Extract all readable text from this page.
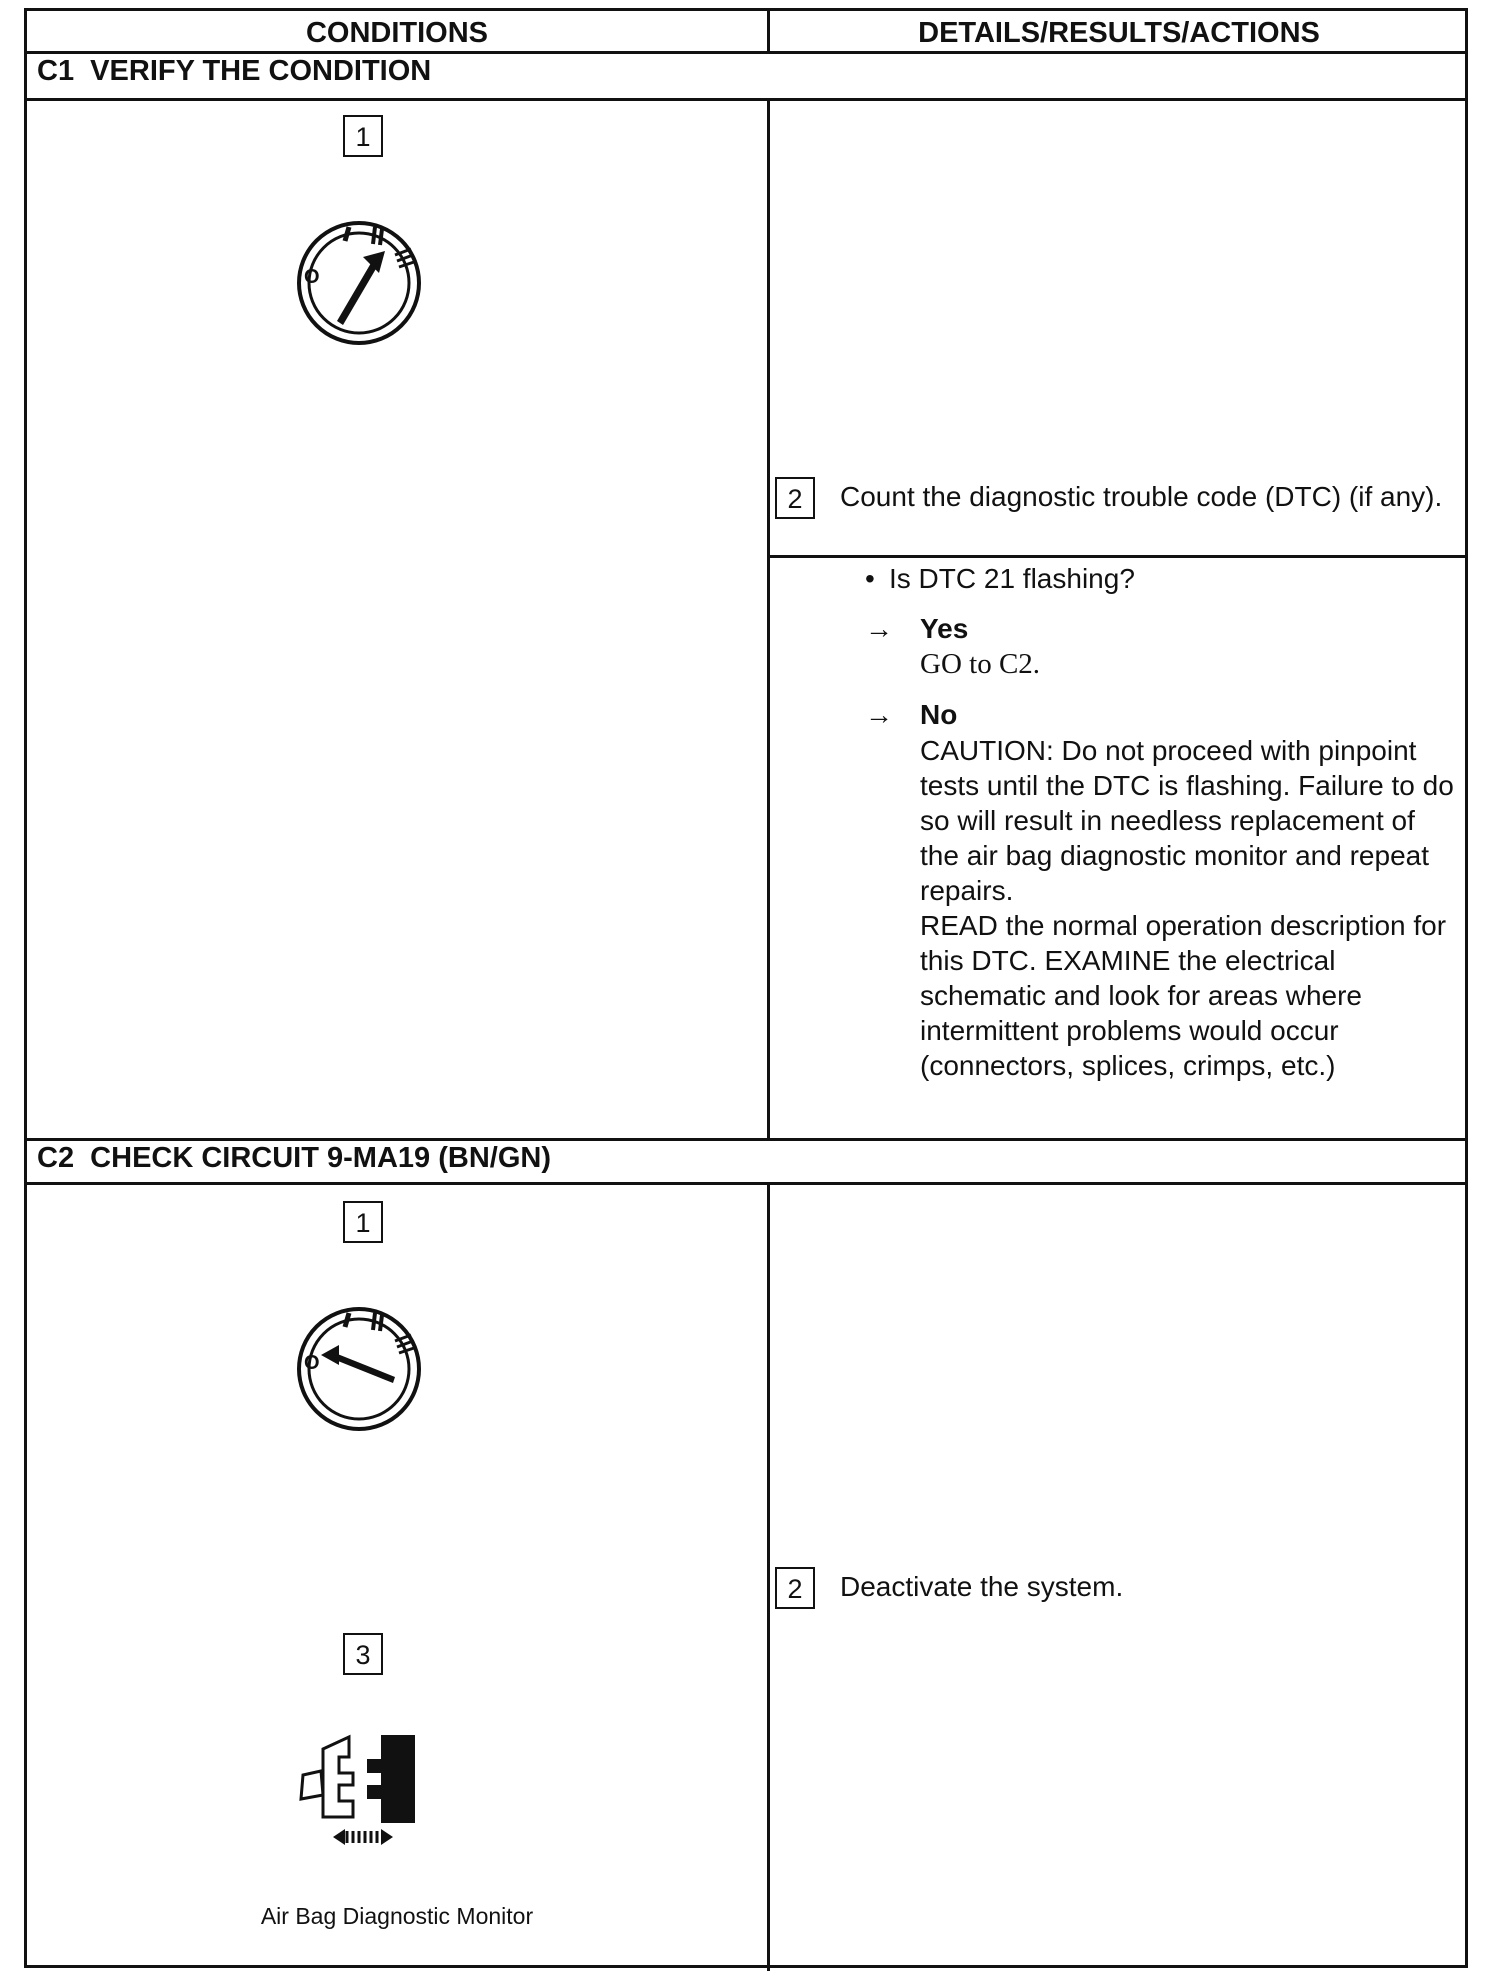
CONDITIONS	DETAILS/RESULTS/ACTIONS
C1  VERIFY THE CONDITION
1
O
2	Count the diagnostic trouble code (DTC) (if any).
• Is DTC 21 flashing?
→ Yes
GO to C2.
→ No
CAUTION: Do not proceed with pinpoint tests until the DTC is flashing. Failure to do so will result in needless replacement of the air bag diagnostic monitor and repeat repairs.
READ the normal operation description for this DTC. EXAMINE the electrical schematic and look for areas where intermittent problems would occur (connectors, splices, crimps, etc.)
C2  CHECK CIRCUIT 9-MA19 (BN/GN)
1
O
2	Deactivate the system.
3
Air Bag Diagnostic Monitor
